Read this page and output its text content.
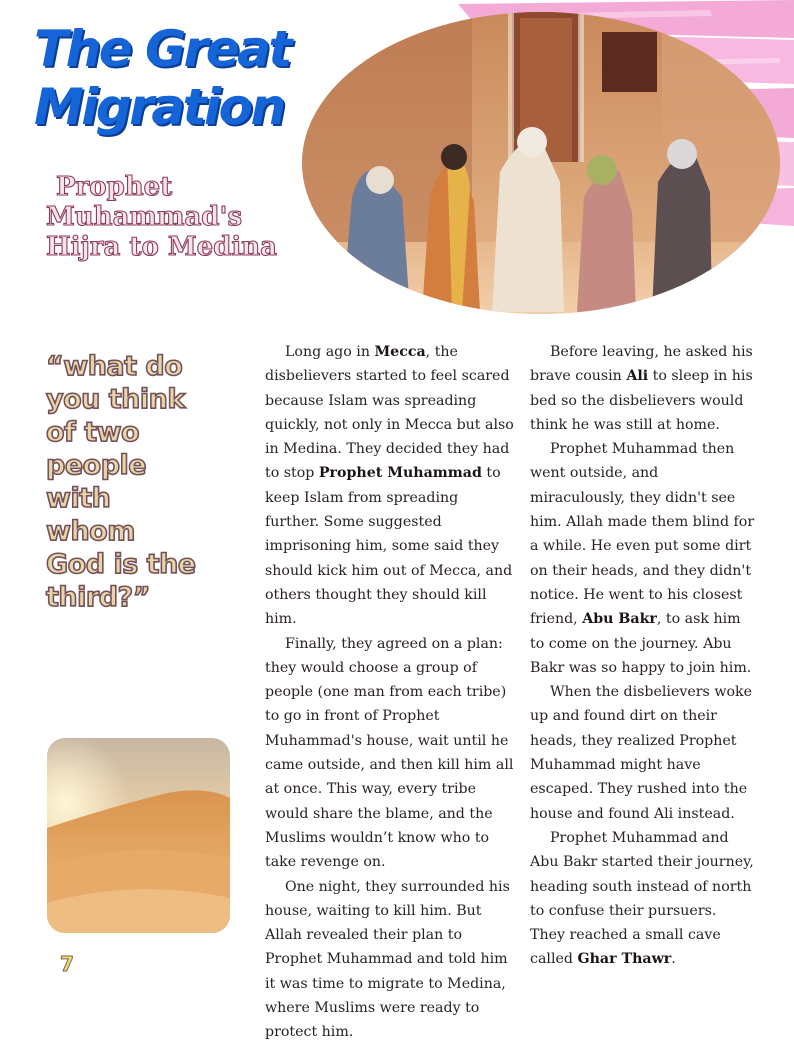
The Great
Migration
Prophet
Muhammad's
Hijra to Medina
“what do you think of two people with whom God is the third?”
7

Long ago in Mecca, the disbelievers started to feel scared because Islam was spreading quickly, not only in Mecca but also in Medina. They decided they had to stop Prophet Muhammad to keep Islam from spreading further. Some suggested imprisoning him, some said they should kick him out of Mecca, and others thought they should kill him.

Finally, they agreed on a plan: they would choose a group of people (one man from each tribe) to go in front of Prophet Muhammad's house, wait until he came outside, and then kill him all at once. This way, every tribe would share the blame, and the Muslims wouldn’t know who to take revenge on.

One night, they surrounded his house, waiting to kill him. But Allah revealed their plan to Prophet Muhammad and told him it was time to migrate to Medina, where Muslims were ready to protect him.

Before leaving, he asked his brave cousin Ali to sleep in his bed so the disbelievers would think he was still at home.

Prophet Muhammad then went outside, and miraculously, they didn't see him. Allah made them blind for a while. He even put some dirt on their heads, and they didn't notice. He went to his closest friend, Abu Bakr, to ask him to come on the journey. Abu Bakr was so happy to join him.

When the disbelievers woke up and found dirt on their heads, they realized Prophet Muhammad might have escaped. They rushed into the house and found Ali instead.

Prophet Muhammad and Abu Bakr started their journey, heading south instead of north to confuse their pursuers. They reached a small cave called Ghar Thawr.
